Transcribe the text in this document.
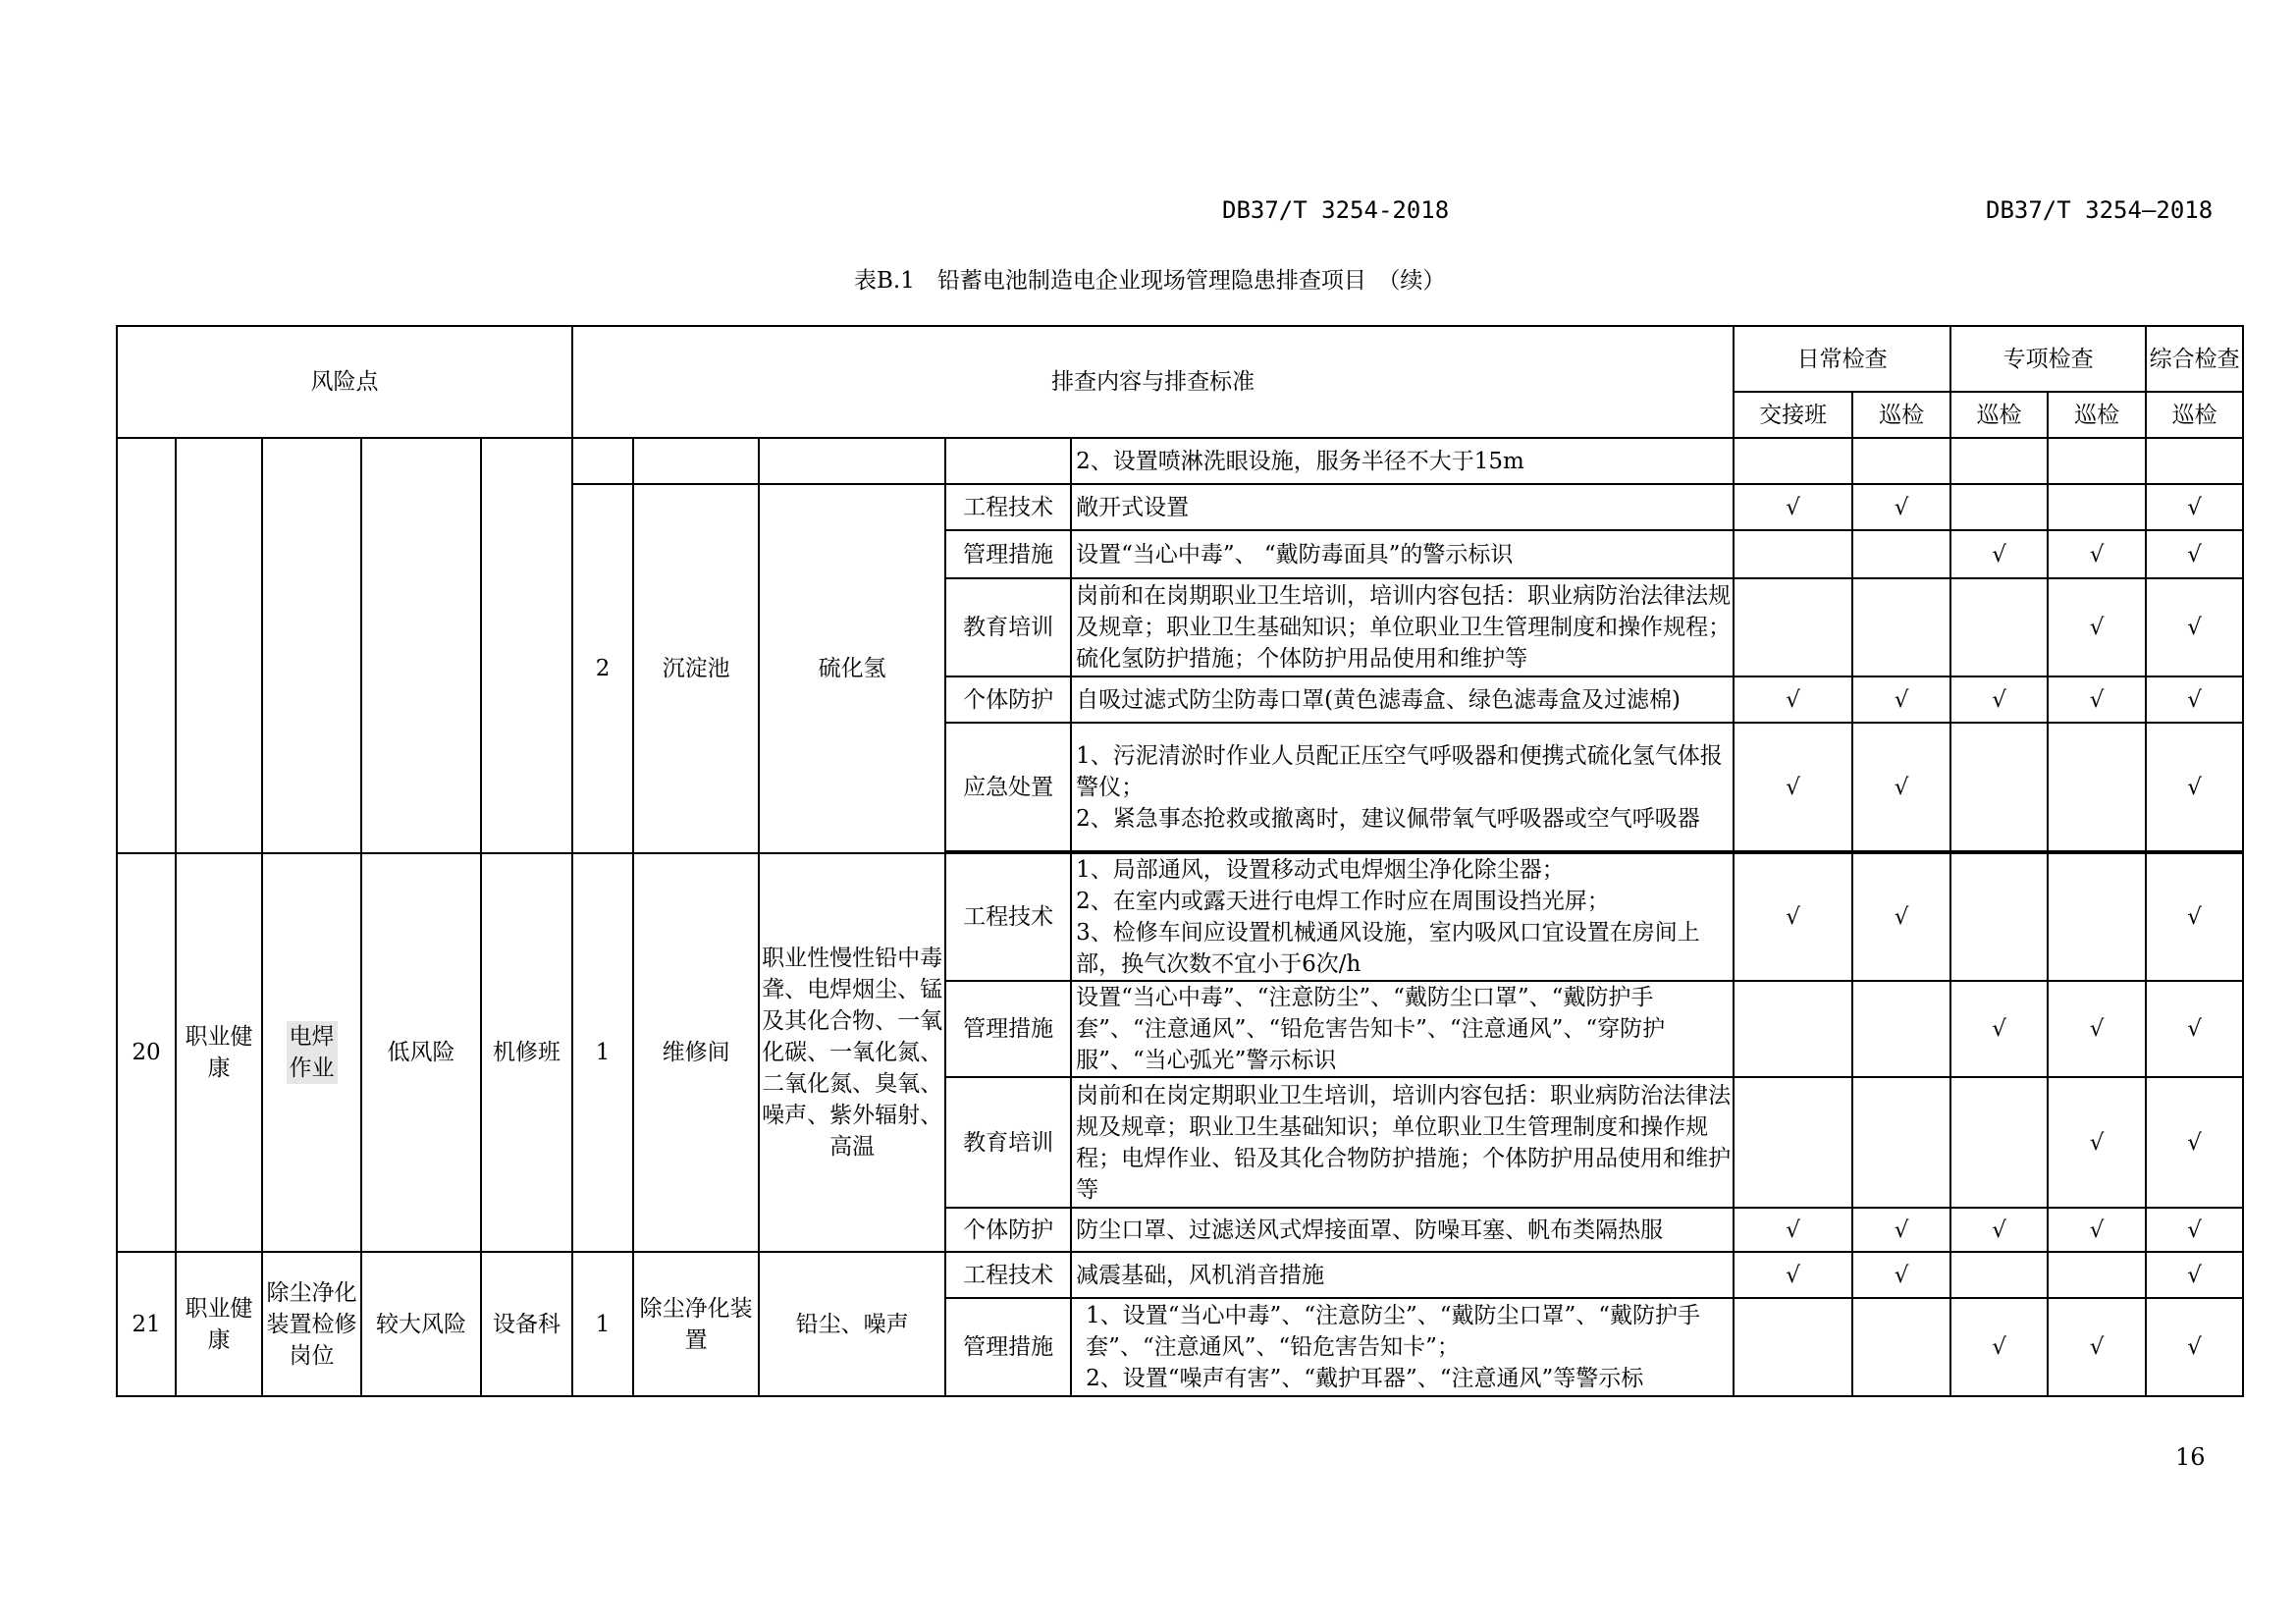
DB37/T 3254-2018	DB37/T 3254—2018
表B.1　铅蓄电池制造电企业现场管理隐患排查项目　（续）
风险点					排查内容与排查标准					日常检查		专项检查		综合检查
										交接班	巡检	巡检	巡检	巡检
									2、设置喷淋洗眼设施，服务半径不大于15m					
					2	沉淀池	硫化氢	工程技术	敞开式设置	√	√			√
								管理措施	设置“当心中毒”、 “戴防毒面具”的警示标识			√	√	√
								教育培训	岗前和在岗期职业卫生培训，培训内容包括：职业病防治法律法规及规章；职业卫生基础知识；单位职业卫生管理制度和操作规程；硫化氢防护措施；个体防护用品使用和维护等				√	√
								个体防护	自吸过滤式防尘防毒口罩(黄色滤毒盒、绿色滤毒盒及过滤棉)	√	√	√	√	√
								应急处置	1、污泥清淤时作业人员配正压空气呼吸器和便携式硫化氢气体报警仪；
2、紧急事态抢救或撤离时，建议佩带氧气呼吸器或空气呼吸器	√	√			√

20	职业健康	电焊作业	低风险	机修班	1	维修间	职业性慢性铅中毒聋、电焊烟尘、锰及其化合物、一氧化碳、一氧化氮、二氧化氮、臭氧、噪声、紫外辐射、高温	工程技术	1、局部通风，设置移动式电焊烟尘净化除尘器；
2、在室内或露天进行电焊工作时应在周围设挡光屏；
3、检修车间应设置机械通风设施，室内吸风口宜设置在房间上部，换气次数不宜小于6次/h	√	√			√
								管理措施	设置“当心中毒”、“注意防尘”、“戴防尘口罩”、“戴防护手套”、“注意通风”、“铅危害告知卡”、“注意通风”、“穿防护服”、“当心弧光”警示标识			√	√	√
								教育培训	岗前和在岗定期职业卫生培训，培训内容包括：职业病防治法律法规及规章；职业卫生基础知识；单位职业卫生管理制度和操作规程；电焊作业、铅及其化合物防护措施；个体防护用品使用和维护等				√	√
								个体防护	防尘口罩、过滤送风式焊接面罩、防噪耳塞、帆布类隔热服	√	√	√	√	√
21	职业健康	除尘净化装置检修岗位	较大风险	设备科	1	除尘净化装置	铅尘、噪声	工程技术	减震基础，风机消音措施	√	√			√
								管理措施	1、设置“当心中毒”、“注意防尘”、“戴防尘口罩”、“戴防护手套”、“注意通风”、“铅危害告知卡”；
2、设置“噪声有害”、“戴护耳器”、“注意通风”等警示标			√	√	√
16
